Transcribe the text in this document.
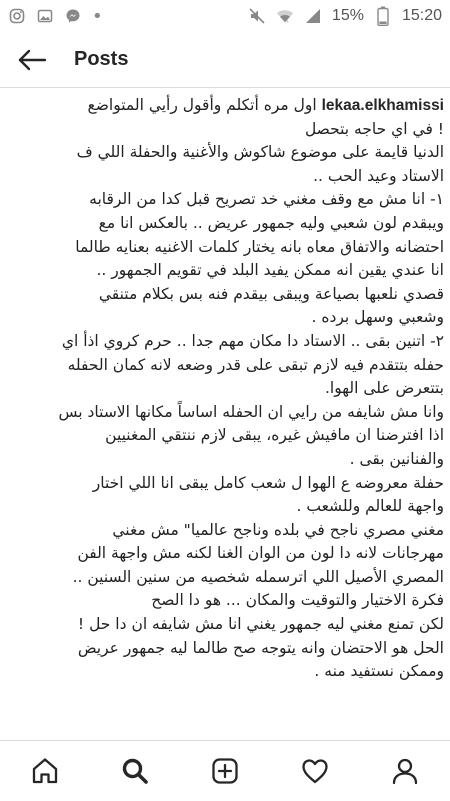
•	+	15% 15:20
Posts
lekaa.elkhamissi اول مره أتكلم وأقول رأيي المتواضع
! في اي حاجه بتحصل
الدنيا قايمة على موضوع شاكوش والأغنية والحفلة اللي ف
الاستاد وعيد الحب ..
١- انا مش مع وقف مغني خد تصريح قبل كدا من الرقابه
ويبقدم لون شعبي وليه جمهور عريض .. بالعكس انا مع
احتضانه والاتفاق معاه بانه يختار كلمات الاغنيه بعنايه طالما
انا عندي يقين انه ممكن يفيد البلد في تقويم الجمهور ..
قصدي نلعبها بصياعة ويبقى بيقدم فنه بس بكلام متنقي
وشعبي وسهل برده .
٢- اتنين بقى .. الاستاد دا مكان مهم جدا .. حرم كروي اذأ اي
حفله بتتقدم فيه لازم تبقى على قدر وضعه لانه كمان الحفله
بتتعرض على الهوا.
وانا مش شايفه من رايي ان الحفله اساساً مكانها الاستاد بس
اذا افترضنا ان مافيش غيره، يبقى لازم ننتقي المغنيين
والفنانين بقى .
حفلة معروضه ع الهوا ل شعب كامل يبقى انا اللي اختار
واجهة للعالم وللشعب .
مغني مصري ناجح في بلده وناجح عالميا" مش مغني
مهرجانات لانه دا لون من الوان الغنا لكنه مش واجهة الفن
المصري الأصيل اللي اترسمله شخصيه من سنين السنين ..
فكرة الاختيار والتوقيت والمكان ... هو دا الصح
لكن تمنع مغني ليه جمهور يغني انا مش شايفه ان دا حل !
الحل هو الاحتضان وانه يتوجه صح طالما ليه جمهور عريض
وممكن نستفيد منه .
